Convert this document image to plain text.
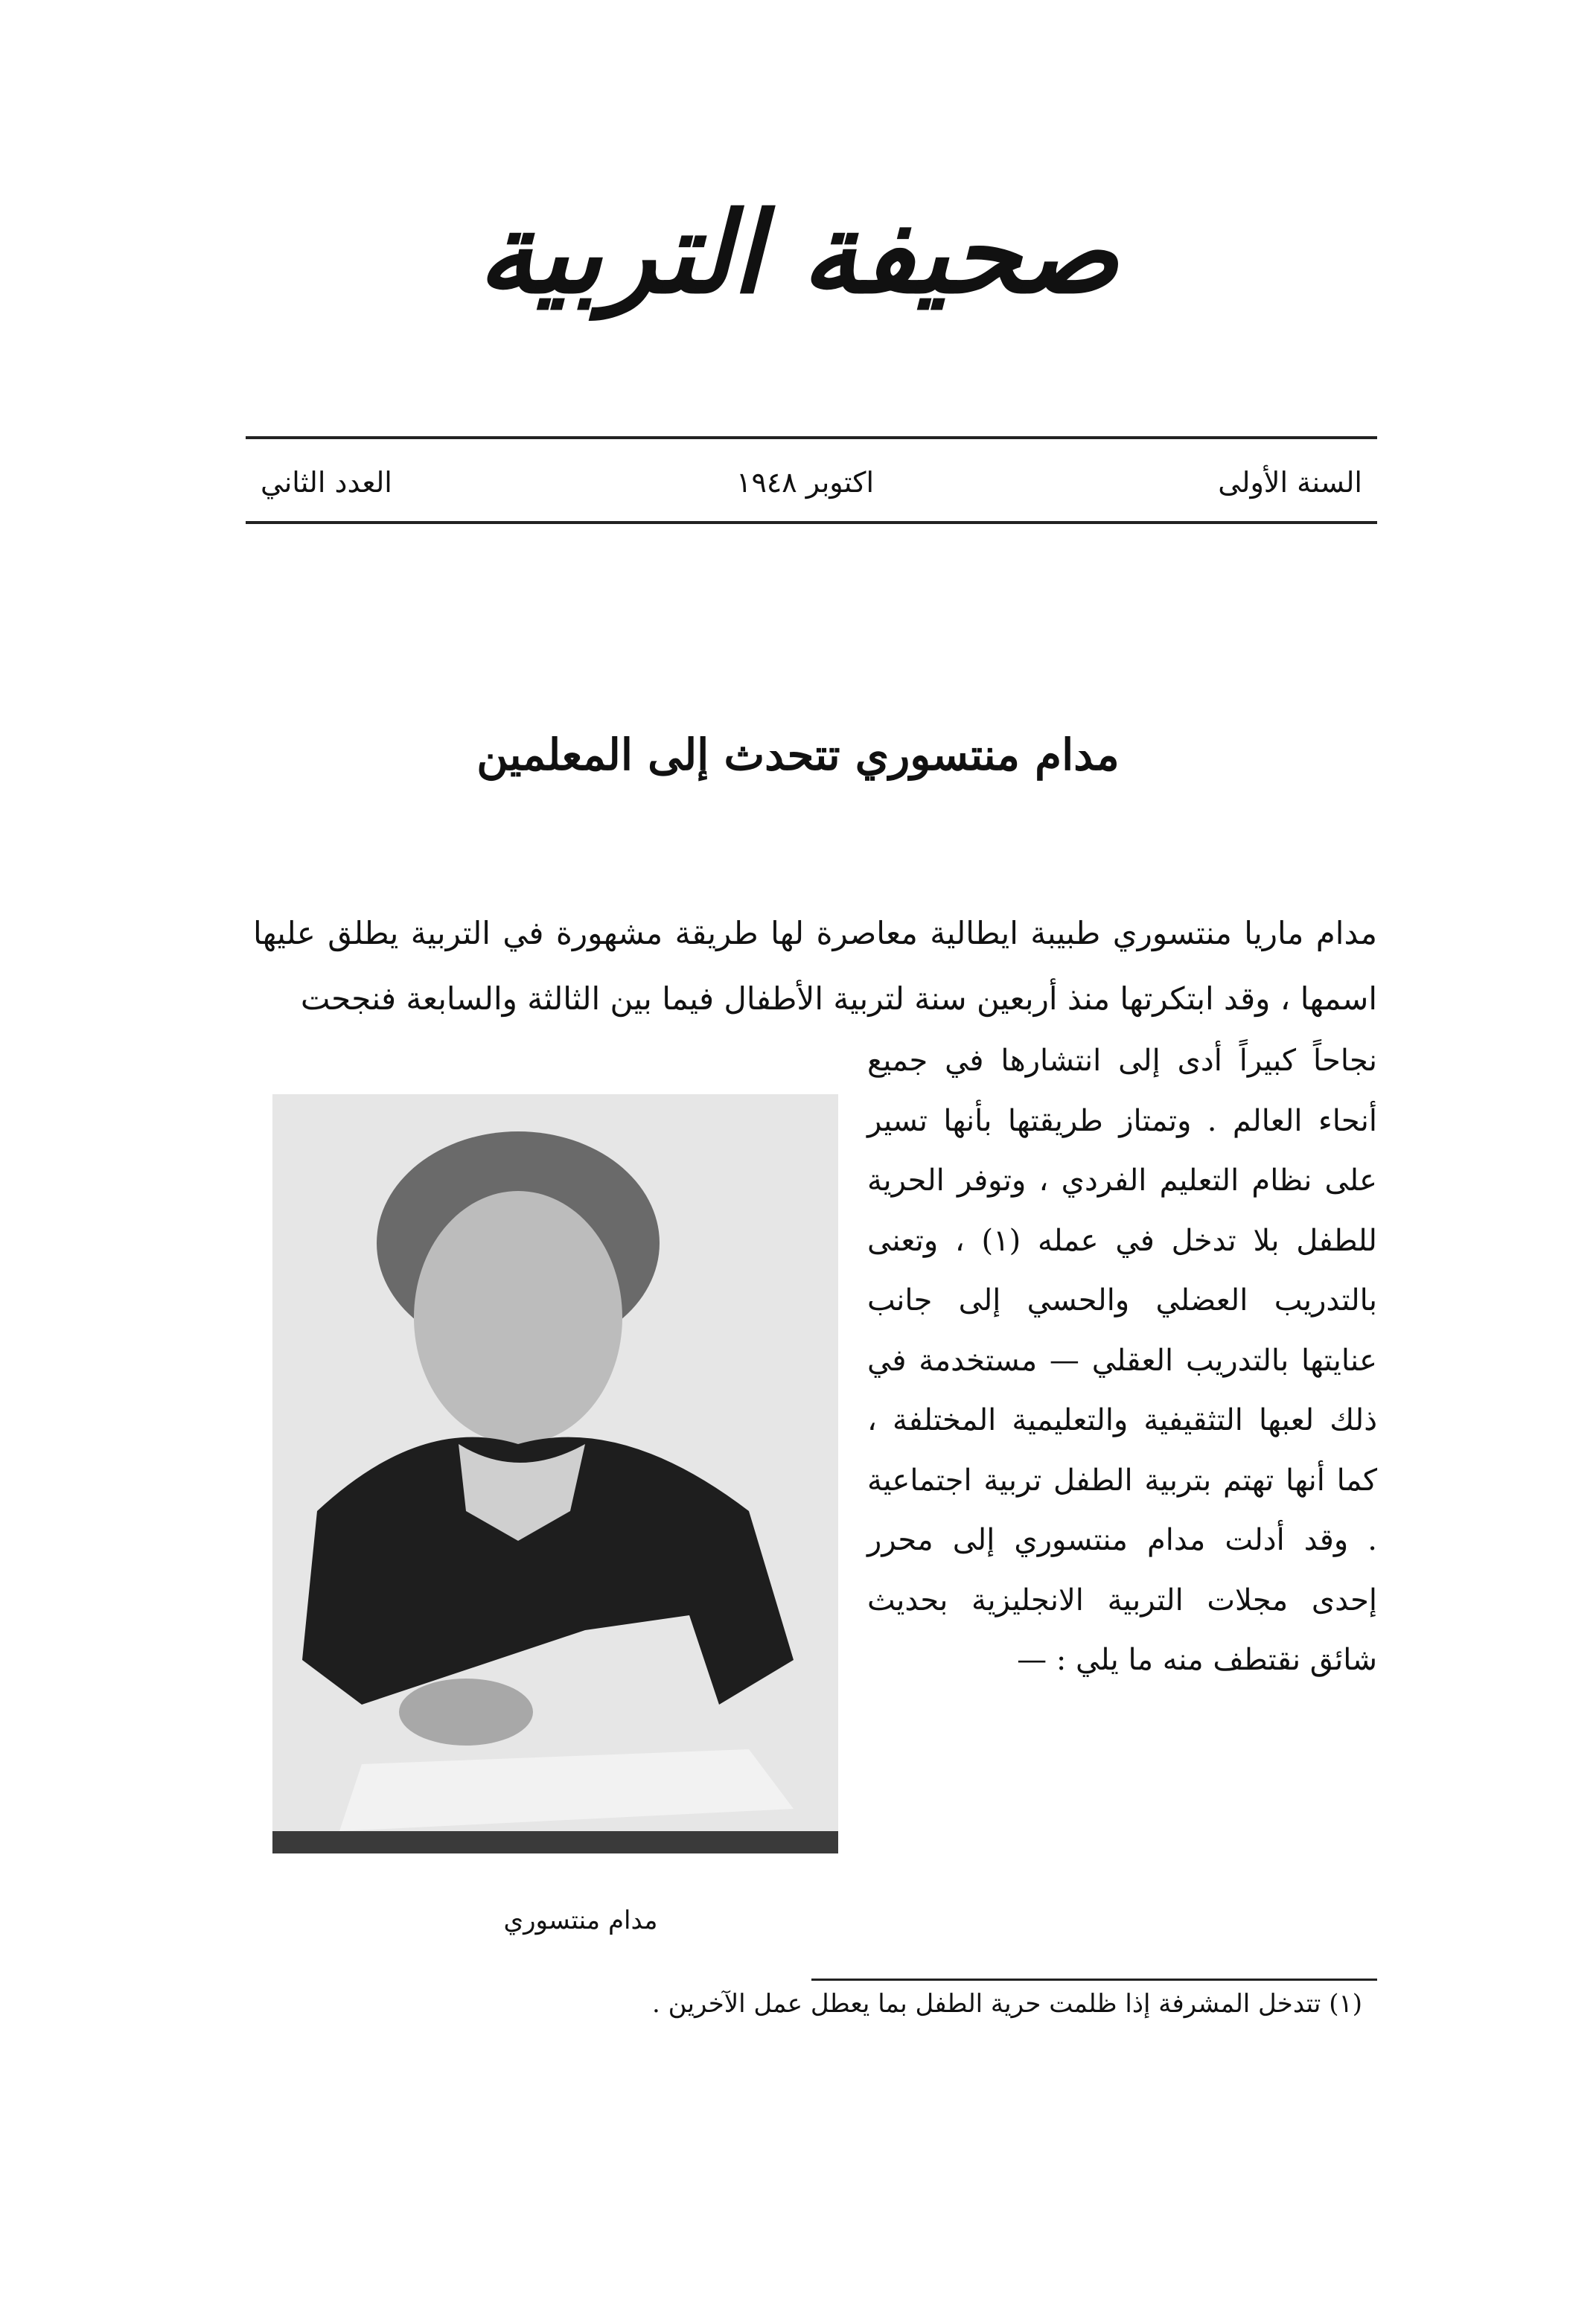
صحيفة التربية
السنة الأولى
اكتوبر ١٩٤٨
العدد الثاني
مدام منتسوري تتحدث إلى المعلمين
مدام ماريا منتسوري طبيبة ايطالية معاصرة لها طريقة مشهورة في التربية يطلق عليها اسمها ، وقد ابتكرتها منذ أربعين سنة لتربية الأطفال فيما بين الثالثة والسابعة فنجحت
مدام منتسوري
نجاحاً كبيراً أدى إلى انتشارها في جميع أنحاء العالم . وتمتاز طريقتها بأنها تسير على نظام التعليم الفردي ، وتوفر الحرية للطفل بلا تدخل في عمله (١) ، وتعنى بالتدريب العضلي والحسي إلى جانب عنايتها بالتدريب العقلي — مستخدمة في ذلك لعبها التثقيفية والتعليمية المختلفة ، كما أنها تهتم بتربية الطفل تربية اجتماعية . وقد أدلت مدام منتسوري إلى محرر إحدى مجلات التربية الانجليزية بحديث شائق نقتطف منه ما يلي : —
(١) تتدخل المشرفة إذا ظلمت حرية الطفل بما يعطل عمل الآخرين .
